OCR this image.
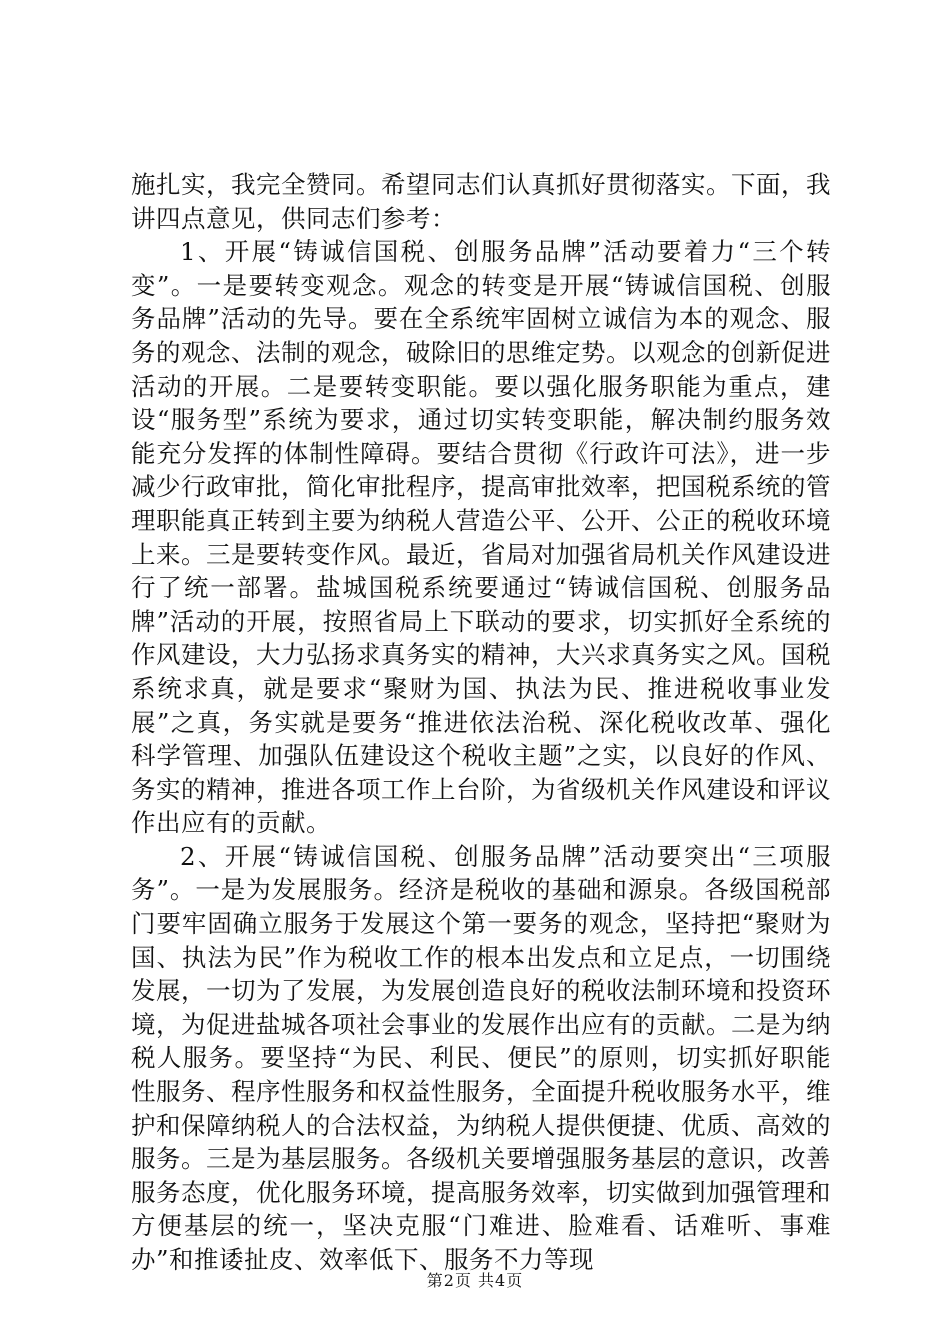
施扎实，我完全赞同。希望同志们认真抓好贯彻落实。下面，我讲四点意见，供同志们参考：

1、开展“铸诚信国税、创服务品牌”活动要着力“三个转变”。一是要转变观念。观念的转变是开展“铸诚信国税、创服务品牌”活动的先导。要在全系统牢固树立诚信为本的观念、服务的观念、法制的观念，破除旧的思维定势。以观念的创新促进活动的开展。二是要转变职能。要以强化服务职能为重点，建设“服务型”系统为要求，通过切实转变职能，解决制约服务效能充分发挥的体制性障碍。要结合贯彻《行政许可法》，进一步减少行政审批，简化审批程序，提高审批效率，把国税系统的管理职能真正转到主要为纳税人营造公平、公开、公正的税收环境上来。三是要转变作风。最近，省局对加强省局机关作风建设进行了统一部署。盐城国税系统要通过“铸诚信国税、创服务品牌”活动的开展，按照省局上下联动的要求，切实抓好全系统的作风建设，大力弘扬求真务实的精神，大兴求真务实之风。国税系统求真，就是要求“聚财为国、执法为民、推进税收事业发展”之真，务实就是要务“推进依法治税、深化税收改革、强化科学管理、加强队伍建设这个税收主题”之实，以良好的作风、务实的精神，推进各项工作上台阶，为省级机关作风建设和评议作出应有的贡献。

2、开展“铸诚信国税、创服务品牌”活动要突出“三项服务”。一是为发展服务。经济是税收的基础和源泉。各级国税部门要牢固确立服务于发展这个第一要务的观念，坚持把“聚财为国、执法为民”作为税收工作的根本出发点和立足点，一切围绕发展，一切为了发展，为发展创造良好的税收法制环境和投资环境，为促进盐城各项社会事业的发展作出应有的贡献。二是为纳税人服务。要坚持“为民、利民、便民”的原则，切实抓好职能性服务、程序性服务和权益性服务，全面提升税收服务水平，维护和保障纳税人的合法权益，为纳税人提供便捷、优质、高效的服务。三是为基层服务。各级机关要增强服务基层的意识，改善服务态度，优化服务环境，提高服务效率，切实做到加强管理和方便基层的统一，坚决克服“门难进、脸难看、话难听、事难办”和推诿扯皮、效率低下、服务不力等现

第2页 共4页
